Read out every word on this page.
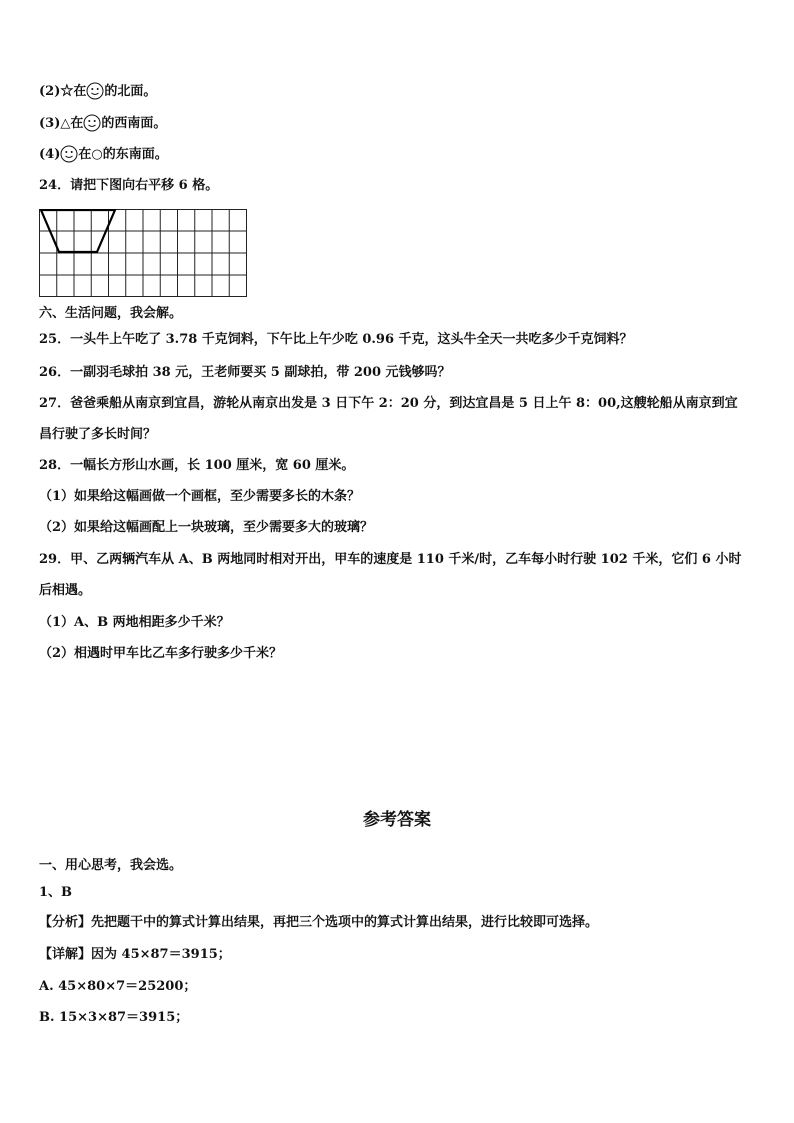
(2)☆在 的北面。
(3)△在 的西南面。
(4) 在○的东南面。
24．请把下图向右平移 6 格。
六、生活问题，我会解。
25．一头牛上午吃了 3.78 千克饲料，下午比上午少吃 0.96 千克，这头牛全天一共吃多少千克饲料？
26．一副羽毛球拍 38 元，王老师要买 5 副球拍，带 200 元钱够吗？
27．爸爸乘船从南京到宜昌，游轮从南京出发是 3 日下午 2：20 分，到达宜昌是 5 日上午 8：00,这艘轮船从南京到宜
昌行驶了多长时间？
28．一幅长方形山水画，长 100 厘米，宽 60 厘米。
（1）如果给这幅画做一个画框，至少需要多长的木条？
（2）如果给这幅画配上一块玻璃，至少需要多大的玻璃？
29．甲、乙两辆汽车从 A、B 两地同时相对开出，甲车的速度是 110 千米/时，乙车每小时行驶 102 千米，它们 6 小时
后相遇。
（1）A、B 两地相距多少千米？
（2）相遇时甲车比乙车多行驶多少千米？
参考答案
一、用心思考，我会选。
1、B
【分析】先把题干中的算式计算出结果，再把三个选项中的算式计算出结果，进行比较即可选择。
【详解】因为 45×87＝3915；
A. 45×80×7＝25200；
B. 15×3×87＝3915；
